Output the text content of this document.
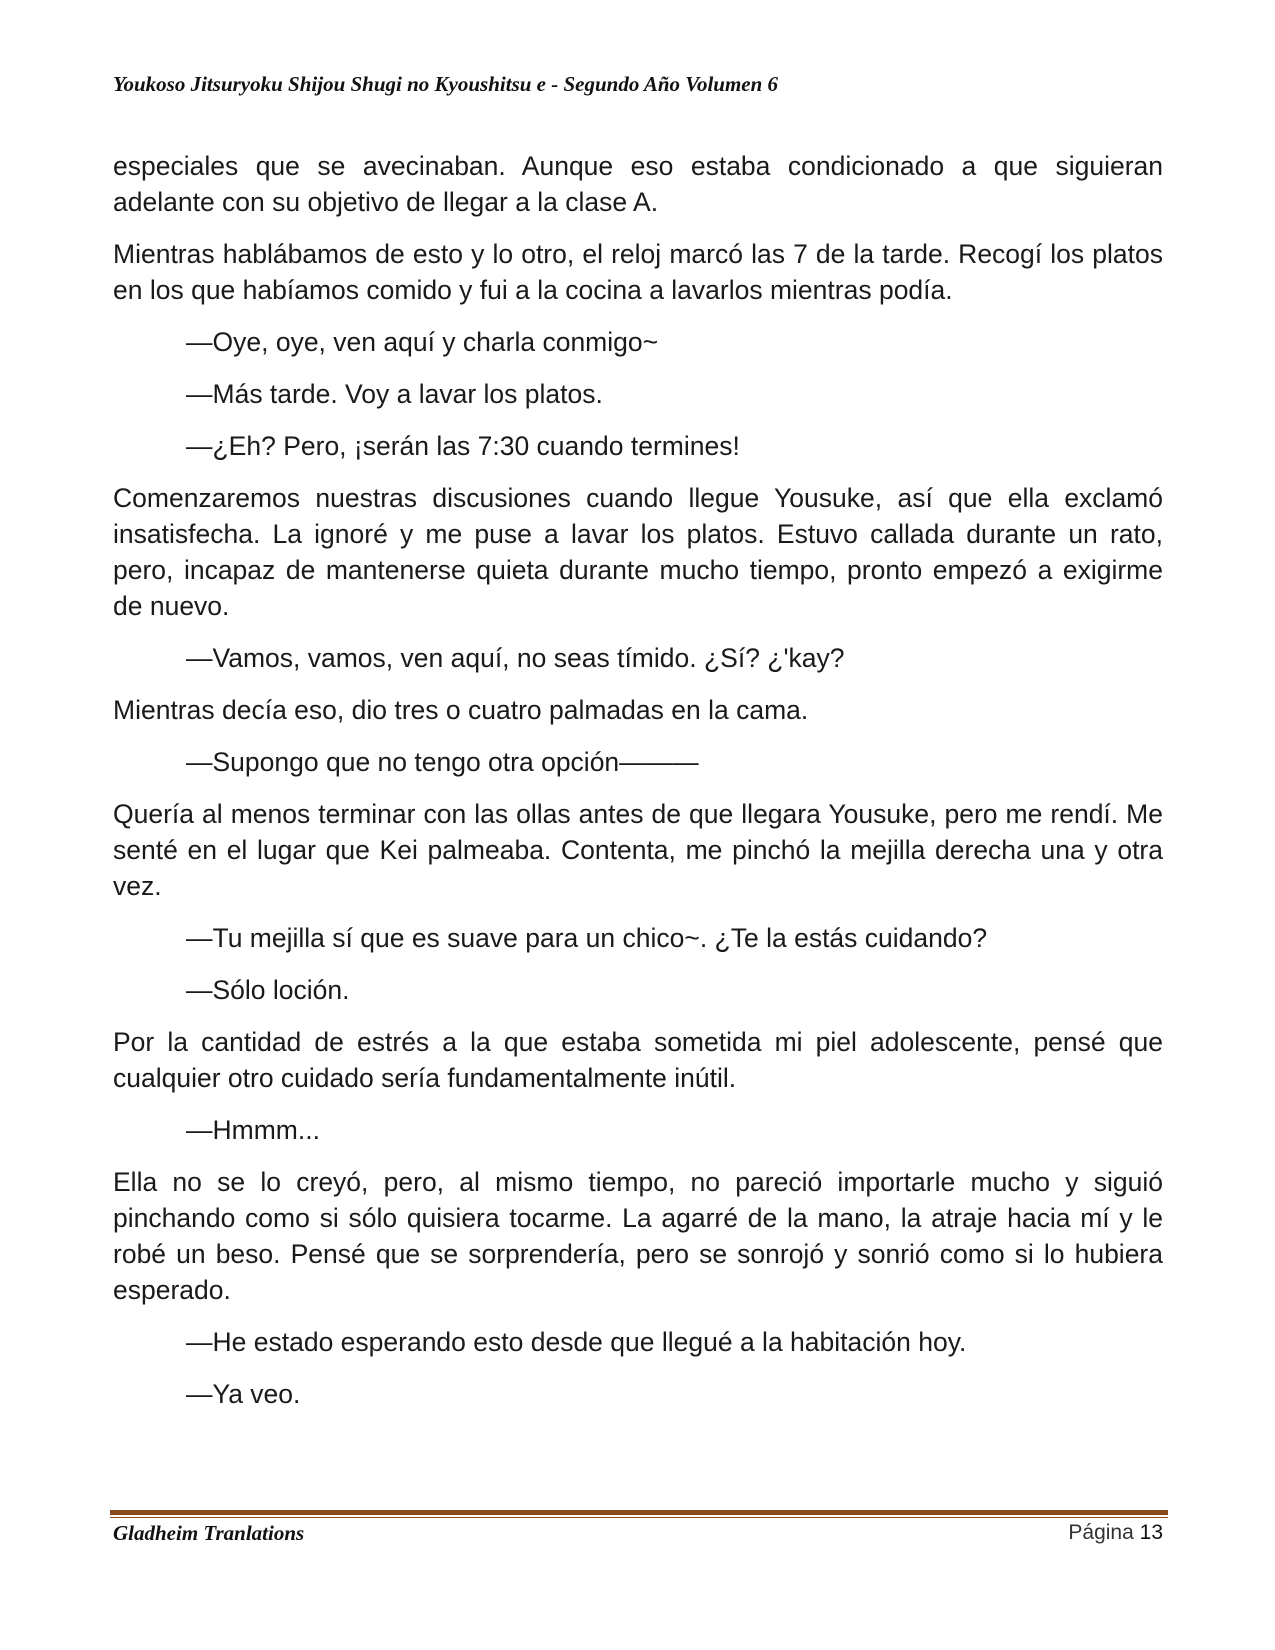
Youkoso Jitsuryoku Shijou Shugi no Kyoushitsu e - Segundo Año Volumen 6

especiales que se avecinaban. Aunque eso estaba condicionado a que siguieran adelante con su objetivo de llegar a la clase A.

Mientras hablábamos de esto y lo otro, el reloj marcó las 7 de la tarde. Recogí los platos en los que habíamos comido y fui a la cocina a lavarlos mientras podía.

—Oye, oye, ven aquí y charla conmigo~

—Más tarde. Voy a lavar los platos.

—¿Eh? Pero, ¡serán las 7:30 cuando termines!

Comenzaremos nuestras discusiones cuando llegue Yousuke, así que ella exclamó insatisfecha. La ignoré y me puse a lavar los platos. Estuvo callada durante un rato, pero, incapaz de mantenerse quieta durante mucho tiempo, pronto empezó a exigirme de nuevo.

—Vamos, vamos, ven aquí, no seas tímido. ¿Sí? ¿'kay?

Mientras decía eso, dio tres o cuatro palmadas en la cama.

—Supongo que no tengo otra opción———

Quería al menos terminar con las ollas antes de que llegara Yousuke, pero me rendí. Me senté en el lugar que Kei palmeaba. Contenta, me pinchó la mejilla derecha una y otra vez.

—Tu mejilla sí que es suave para un chico~. ¿Te la estás cuidando?

—Sólo loción.

Por la cantidad de estrés a la que estaba sometida mi piel adolescente, pensé que cualquier otro cuidado sería fundamentalmente inútil.

—Hmmm...

Ella no se lo creyó, pero, al mismo tiempo, no pareció importarle mucho y siguió pinchando como si sólo quisiera tocarme. La agarré de la mano, la atraje hacia mí y le robé un beso. Pensé que se sorprendería, pero se sonrojó y sonrió como si lo hubiera esperado.

—He estado esperando esto desde que llegué a la habitación hoy.

—Ya veo.

Gladheim Tranlations	Página 13
